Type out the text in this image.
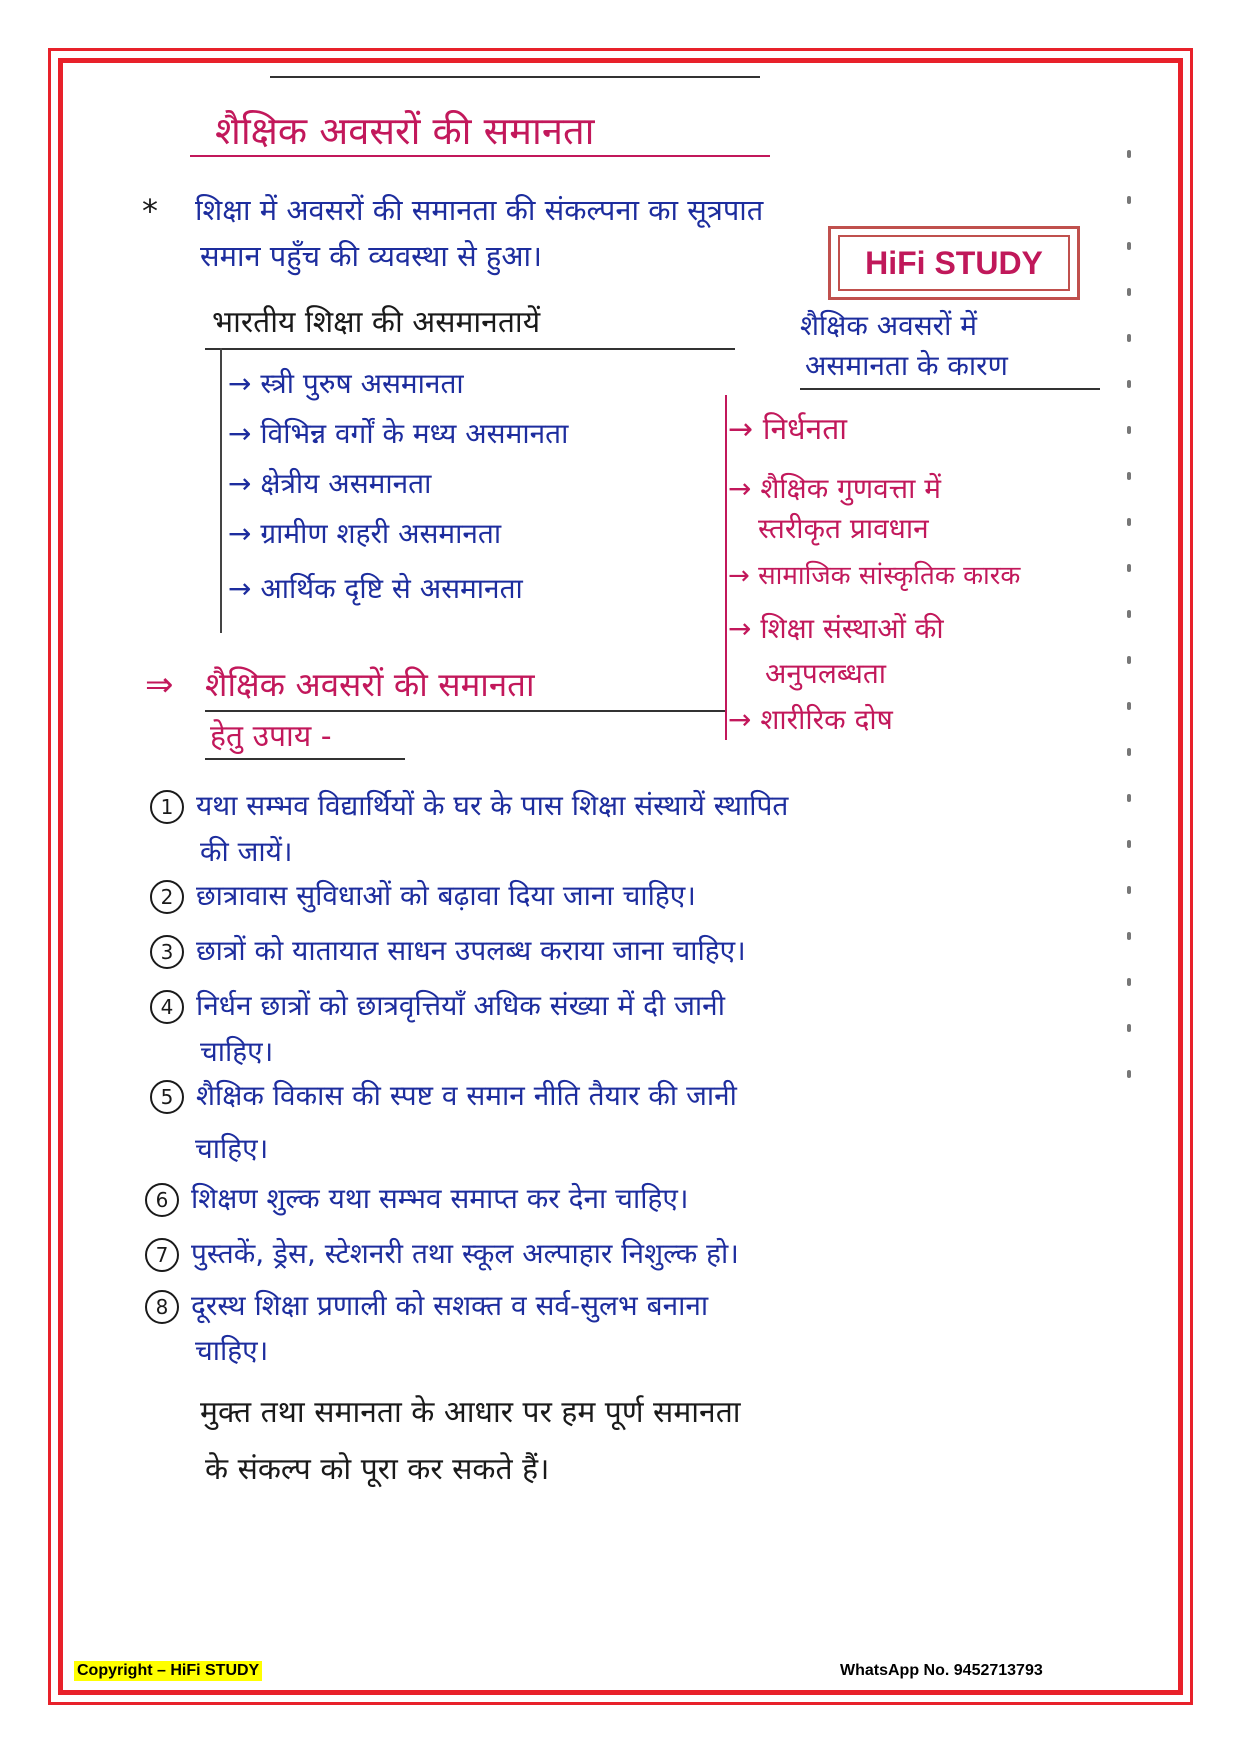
शैक्षिक अवसरों की समानता
HiFi STUDY
* शिक्षा में अवसरों की समानता की संकल्पना का सूत्रपात
समान पहुँच की व्यवस्था से हुआ।
भारतीय शिक्षा की असमानतायें
→ स्त्री पुरुष असमानता
→ विभिन्न वर्गों के मध्य असमानता
→ क्षेत्रीय असमानता
→ ग्रामीण शहरी असमानता
→ आर्थिक दृष्टि से असमानता
शैक्षिक अवसरों में
असमानता के कारण
→ निर्धनता
→ शैक्षिक गुणवत्ता में
स्तरीकृत प्रावधान
→ सामाजिक सांस्कृतिक कारक
→ शिक्षा संस्थाओं की
अनुपलब्धता
→ शारीरिक दोष
⇒ शैक्षिक अवसरों की समानता
हेतु उपाय -
1 यथा सम्भव विद्यार्थियों के घर के पास शिक्षा संस्थायें स्थापित
की जायें।
2 छात्रावास सुविधाओं को बढ़ावा दिया जाना चाहिए।
3 छात्रों को यातायात साधन उपलब्ध कराया जाना चाहिए।
4 निर्धन छात्रों को छात्रवृत्तियाँ अधिक संख्या में दी जानी
चाहिए।
5 शैक्षिक विकास की स्पष्ट व समान नीति तैयार की जानी
चाहिए।
6 शिक्षण शुल्क यथा सम्भव समाप्त कर देना चाहिए।
7 पुस्तकें, ड्रेस, स्टेशनरी तथा स्कूल अल्पाहार निशुल्क हो।
8 दूरस्थ शिक्षा प्रणाली को सशक्त व सर्व-सुलभ बनाना
चाहिए।
मुक्त तथा समानता के आधार पर हम पूर्ण समानता
के संकल्प को पूरा कर सकते हैं।
Copyright – HiFi STUDY	WhatsApp No. 9452713793
